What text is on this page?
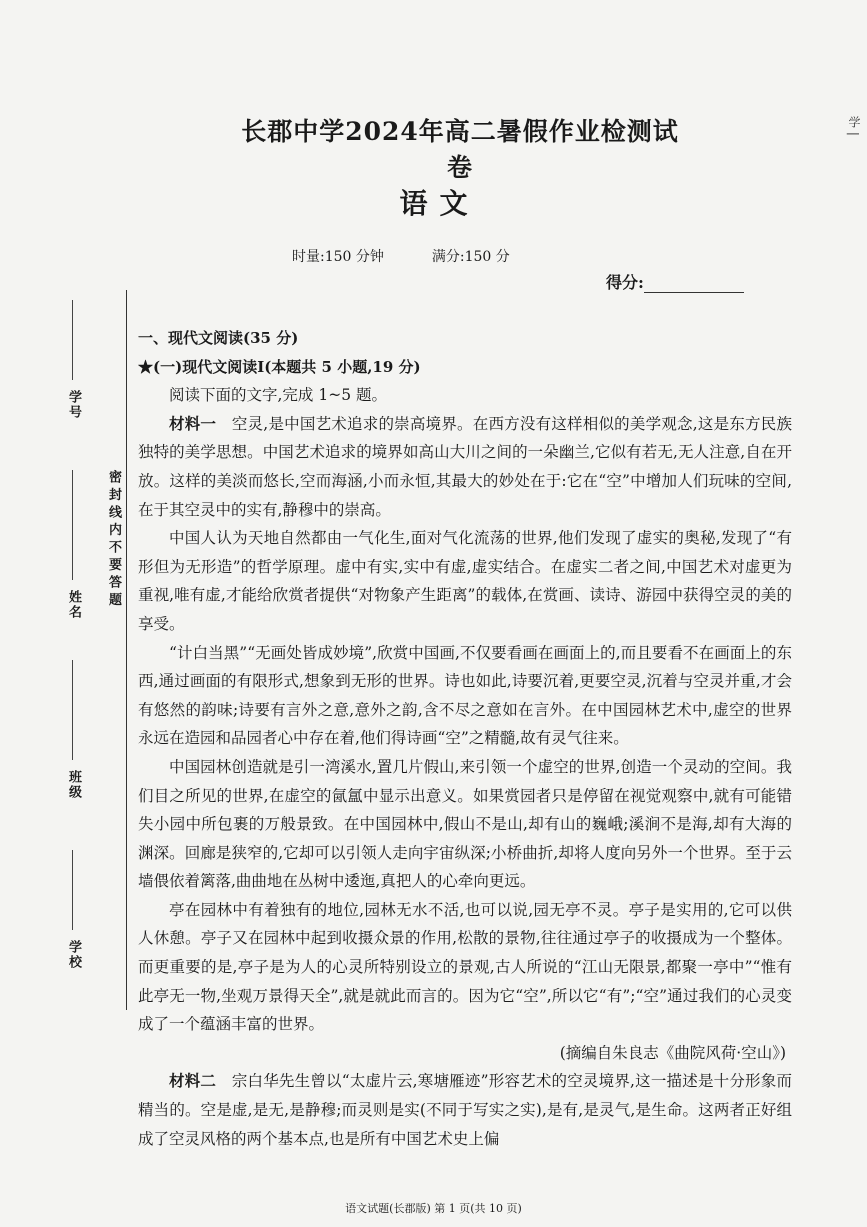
学号
姓名
班级
学校
密 封 线 内 不 要 答 题
学 |
长郡中学2024年高二暑假作业检测试卷
语 文
时量:150 分钟	满分:150 分
得分:
一、现代文阅读(35 分)
★(一)现代文阅读Ⅰ(本题共 5 小题,19 分)
阅读下面的文字,完成 1~5 题。

材料一　 空灵,是中国艺术追求的崇高境界。在西方没有这样相似的美学观念,这是东方民族独特的美学思想。中国艺术追求的境界如高山大川之间的一朵幽兰,它似有若无,无人注意,自在开放。这样的美淡而悠长,空而海涵,小而永恒,其最大的妙处在于:它在“空”中增加人们玩味的空间,在于其空灵中的实有,静穆中的崇高。

中国人认为天地自然都由一气化生,面对气化流荡的世界,他们发现了虚实的奥秘,发现了“有形但为无形造”的哲学原理。虚中有实,实中有虚,虚实结合。在虚实二者之间,中国艺术对虚更为重视,唯有虚,才能给欣赏者提供“对物象产生距离”的载体,在赏画、读诗、游园中获得空灵的美的享受。

“计白当黑”“无画处皆成妙境”,欣赏中国画,不仅要看画在画面上的,而且要看不在画面上的东西,通过画面的有限形式,想象到无形的世界。诗也如此,诗要沉着,更要空灵,沉着与空灵并重,才会有悠然的韵味;诗要有言外之意,意外之韵,含不尽之意如在言外。在中国园林艺术中,虚空的世界永远在造园和品园者心中存在着,他们得诗画“空”之精髓,故有灵气往来。

中国园林创造就是引一湾溪水,置几片假山,来引领一个虚空的世界,创造一个灵动的空间。我们目之所见的世界,在虚空的氤氲中显示出意义。如果赏园者只是停留在视觉观察中,就有可能错失小园中所包裹的万般景致。在中国园林中,假山不是山,却有山的巍峨;溪涧不是海,却有大海的渊深。回廊是狭窄的,它却可以引领人走向宇宙纵深;小桥曲折,却将人度向另外一个世界。至于云墙偎依着篱落,曲曲地在丛树中逶迤,真把人的心牵向更远。

亭在园林中有着独有的地位,园林无水不活,也可以说,园无亭不灵。亭子是实用的,它可以供人休憩。亭子又在园林中起到收摄众景的作用,松散的景物,往往通过亭子的收摄成为一个整体。而更重要的是,亭子是为人的心灵所特别设立的景观,古人所说的“江山无限景,都聚一亭中”“惟有此亭无一物,坐观万景得天全”,就是就此而言的。因为它“空”,所以它“有”;“空”通过我们的心灵变成了一个蕴涵丰富的世界。

(摘编自朱良志《曲院风荷·空山》)

材料二　 宗白华先生曾以“太虚片云,寒塘雁迹”形容艺术的空灵境界,这一描述是十分形象而精当的。空是虚,是无,是静穆;而灵则是实(不同于写实之实),是有,是灵气,是生命。这两者正好组成了空灵风格的两个基本点,也是所有中国艺术史上偏

语文试题(长郡版) 第 1 页(共 10 页)
